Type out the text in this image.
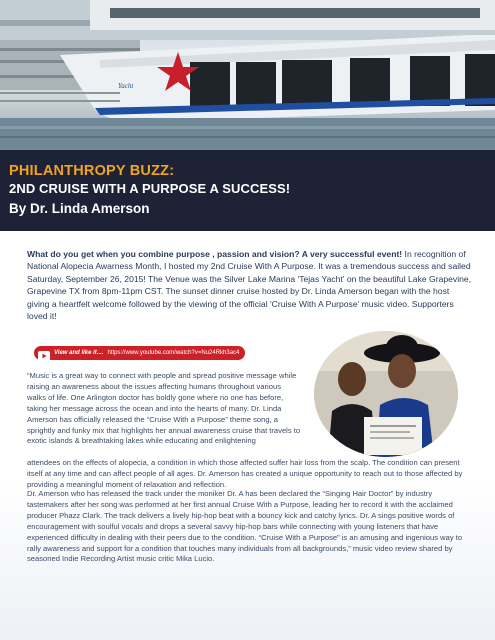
Yacht
PHILANTHROPY BUZZ:
2ND CRUISE WITH A PURPOSE A SUCCESS!
By Dr. Linda Amerson
What do you get when you combine purpose , passion and vision? A very successful event! In recognition of National Alopecia Awarness Month, I hosted my 2nd Cruise With A Purpose. It was a tremendous success and sailed Saturday, September 26, 2015! The Venue was the Silver Lake Marina 'Tejas Yacht' on the beautiful Lake Grapevine, Grapevine TX from 8pm-11pm CST. The sunset dinner cruise hosted by Dr. Linda Amerson began with the host giving a heartfelt welcome followed by the viewing of the official 'Cruise With A Purpose' music video. Supporters loved it!
View and like it.... https://www.youtube.com/watch?v=Nu24Rkh3ac4
“Music is a great way to connect with people and spread positive message while raising an awareness about the issues affecting humans throughout various walks of life. One Arlington doctor has boldly gone where no one has before, taking her message across the ocean and into the hearts of many. Dr. Linda Amerson has officially released the “Cruise With a Purpose” theme song, a sprightly and funky mix that highlights her annual awareness cruise that travels to exotic islands & breathtaking lakes while educating and enlightening
attendees on the effects of alopecia, a condition in which those affected suffer hair loss from the scalp. The condition can present itself at any time and can affect people of all ages. Dr. Amerson has created a unique opportunity to reach out to those affected by providing a meaningful moment of relaxation and reflection.
Dr. Amerson who has released the track under the moniker Dr. A has been declared the “Singing Hair Doctor” by industry tastemakers after her song was performed at her first annual Cruise With a Purpose, leading her to record it with the acclaimed producer Phazz Clark. The track delivers a lively hip-hop beat with a bouncy kick and catchy lyrics. Dr. A sings positive words of encouragement with soulful vocals and drops a several savvy hip-hop bars while connecting with young listeners that have experienced difficulty in dealing with their peers due to the condition. “Cruise With a Purpose” is an amusing and ingenious way to rally awareness and support for a condition that touches many individuals from all backgrounds,” music video review shared by seasoned Indie Recording Artist music critic Mika Lucio.
